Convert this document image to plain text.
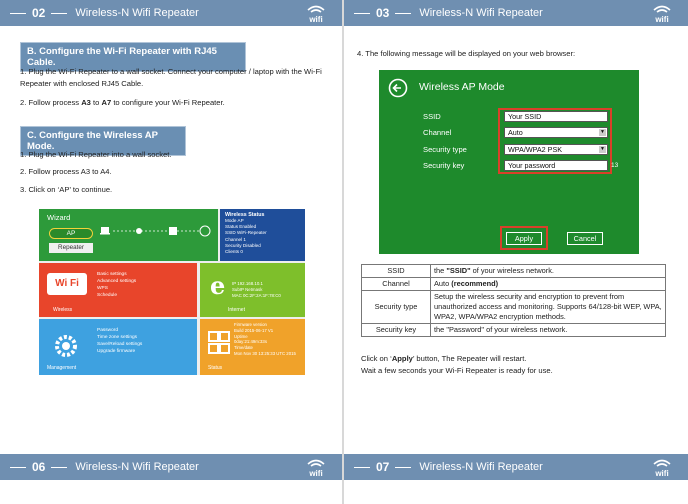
02	Wireless-N Wifi Repeater
wifi
B. Configure the Wi-Fi Repeater with RJ45 Cable.
1. Plug the Wi-Fi Repeater to a wall socket. Connect your computer / laptop with the Wi-Fi Repeater with enclosed RJ45 Cable.
2. Follow process A3 to A7 to configure your Wi-Fi Repeater.
C. Configure the Wireless AP Mode.
1. Plug the Wi-Fi Repeater into a wall socket.
2. Follow process A3 to A4.
3. Click on ‘AP’ to continue.
Wizard
AP
Repeater
Wireless Status
Mode AP
Status Enabled
SSID WiFi-Repeater
Channel 1
Security Disabled
Clients 0
Wi Fi
Basic settings
Advanced settings
WPS
Schedule
Wireless
e IP 192.168.10.1
SubIP Netmask
MAC 0C:2F:2A:1F:78:C0
Internet
Password
Time zone settings
Save/Reload settings
Upgrade firmware
Management
Firmware version
Build 2015-06-17 V1
Uptime
0day:21:49m:33s
Time/date
Mon Nov 30 13:25:33 UTC 2015
Status
06	Wireless-N Wifi Repeater
wifi
03	Wireless-N Wifi Repeater
wifi
07	Wireless-N Wifi Repeater
wifi
4. The following message will be displayed on your web browser:
Wireless AP Mode
SSID	Your SSID
Channel	Auto	▼
Security type	WPA/WPA2 PSK	▼
Security key	Your password	13
Apply	Cancel
SSID	the "SSID" of your wireless network.
Channel	Auto (recommend)
Security type	Setup the wireless security and encryption to prevent from unauthorized access and monitoring. Supports 64/128-bit WEP, WPA, WPA2, WPA/WPA2 encryption methods.
Security key	the "Password" of your wireless network.
Click on ‘Apply’ button, The Repeater will restart.
Wait a few seconds your Wi-Fi Repeater is ready for use.
